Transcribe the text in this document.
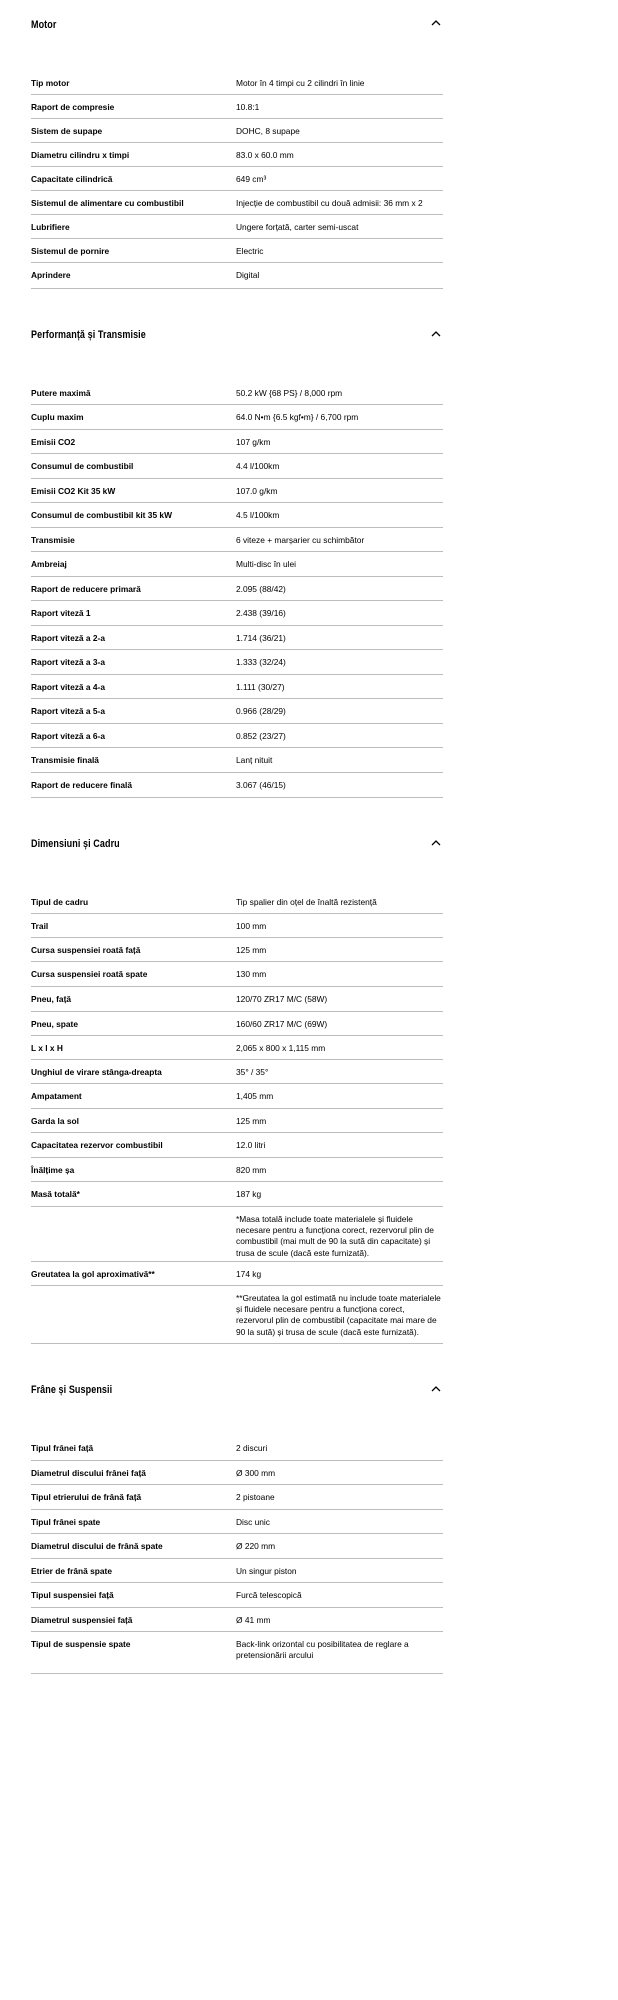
Motor
Tip motor	Motor în 4 timpi cu 2 cilindri în linie
Raport de compresie	10.8:1
Sistem de supape	DOHC, 8 supape
Diametru cilindru x timpi	83.0 x 60.0 mm
Capacitate cilindrică	649 cm³
Sistemul de alimentare cu combustibil	Injecție de combustibil cu două admisii: 36 mm x 2
Lubrifiere	Ungere forțată, carter semi-uscat
Sistemul de pornire	Electric
Aprindere	Digital
Performanță și Transmisie
Putere maximă	50.2 kW {68 PS} / 8,000 rpm
Cuplu maxim	64.0 N•m {6.5 kgf•m} / 6,700 rpm
Emisii CO2	107 g/km
Consumul de combustibil	4.4 l/100km
Emisii CO2 Kit 35 kW	107.0 g/km
Consumul de combustibil kit 35 kW	4.5 l/100km
Transmisie	6 viteze + marșarier cu schimbător
Ambreiaj	Multi-disc în ulei
Raport de reducere primară	2.095 (88/42)
Raport viteză 1	2.438 (39/16)
Raport viteză a 2-a	1.714 (36/21)
Raport viteză a 3-a	1.333 (32/24)
Raport viteză a 4-a	1.111 (30/27)
Raport viteză a 5-a	0.966 (28/29)
Raport viteză a 6-a	0.852 (23/27)
Transmisie finală	Lanț nituit
Raport de reducere finală	3.067 (46/15)
Dimensiuni și Cadru
Tipul de cadru	Tip spalier din oțel de înaltă rezistență
Trail	100 mm
Cursa suspensiei roată față	125 mm
Cursa suspensiei roată spate	130 mm
Pneu, față	120/70 ZR17 M/C (58W)
Pneu, spate	160/60 ZR17 M/C (69W)
L x l x H	2,065 x 800 x 1,115 mm
Unghiul de virare stânga-dreapta	35° / 35°
Ampatament	1,405 mm
Garda la sol	125 mm
Capacitatea rezervor combustibil	12.0 litri
Înălțime șa	820 mm
Masă totală*	187 kg
*Masa totală include toate materialele și fluidele necesare pentru a funcționa corect, rezervorul plin de combustibil (mai mult de 90 la sută din capacitate) și trusa de scule (dacă este furnizată).
Greutatea la gol aproximativă**	174 kg
**Greutatea la gol estimată nu include toate materialele și fluidele necesare pentru a funcționa corect, rezervorul plin de combustibil (capacitate mai mare de 90 la sută) și trusa de scule (dacă este furnizată).
Frâne și Suspensii
Tipul frânei față	2 discuri
Diametrul discului frânei față	Ø 300 mm
Tipul etrierului de frână față	2 pistoane
Tipul frânei spate	Disc unic
Diametrul discului de frână spate	Ø 220 mm
Etrier de frână spate	Un singur piston
Tipul suspensiei față	Furcă telescopică
Diametrul suspensiei față	Ø 41 mm
Tipul de suspensie spate	Back-link orizontal cu posibilitatea de reglare a pretensionării arcului
